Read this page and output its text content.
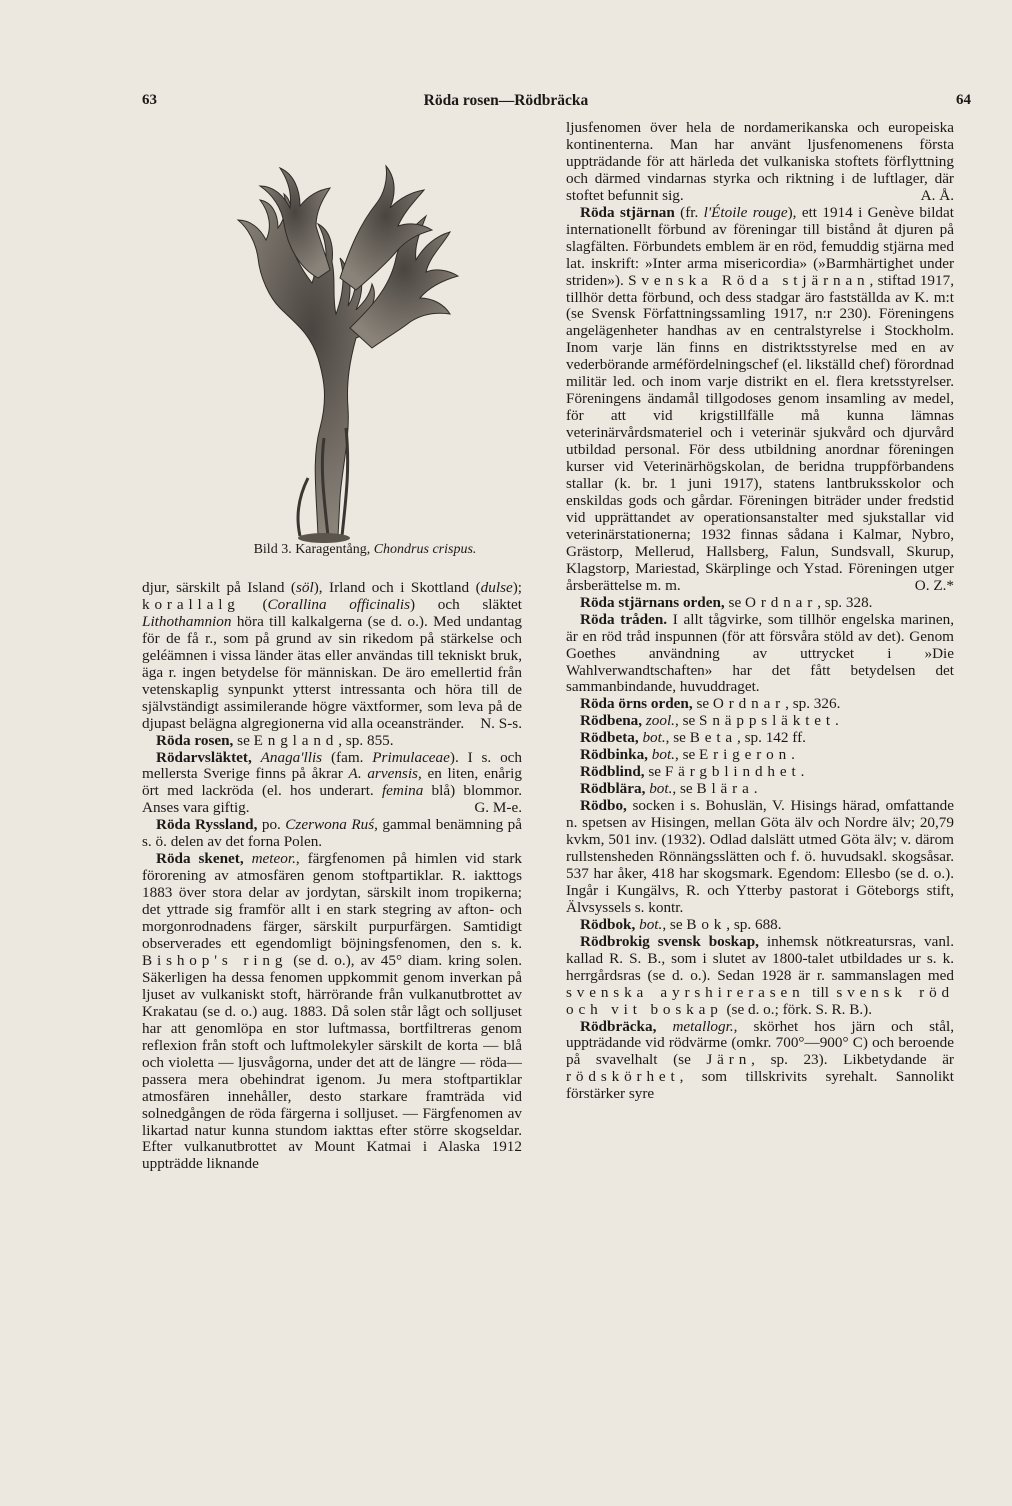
63	Röda rosen—Rödbräcka	64
Bild 3. Karagentång, Chondrus crispus.

djur, särskilt på Island (söl), Irland och i Skottland (dulse); korallalg (Corallina officinalis) och släktet Lithothamnion höra till kalkalgerna (se d. o.). Med undantag för de få r., som på grund av sin rikedom på stärkelse och geléämnen i vissa länder ätas eller användas till tekniskt bruk, äga r. ingen betydelse för människan. De äro emellertid från vetenskaplig synpunkt ytterst intressanta och höra till de självständigt assimilerande högre växtformer, som leva på de djupast belägna algregionerna vid alla oceanstränder. N. S-s.

Röda rosen, se England, sp. 855.

Rödarvsläktet, Anaga'llis (fam. Primulaceae). I s. och mellersta Sverige finns på åkrar A. arvensis, en liten, enårig ört med lackröda (el. hos underart. femina blå) blommor. Anses vara giftig.	G. M-e.

Röda Ryssland, po. Czerwona Ruś, gammal benämning på s. ö. delen av det forna Polen.

Röda skenet, meteor., färgfenomen på himlen vid stark förorening av atmosfären genom stoftpartiklar. R. iakttogs 1883 över stora delar av jordytan, särskilt inom tropikerna; det yttrade sig framför allt i en stark stegring av afton- och morgonrodnadens färger, särskilt purpurfärgen. Samtidigt observerades ett egendomligt böjningsfenomen, den s. k. Bishop's ring (se d. o.), av 45° diam. kring solen. Säkerligen ha dessa fenomen uppkommit genom inverkan på ljuset av vulkaniskt stoft, härrörande från vulkanutbrottet av Krakatau (se d. o.) aug. 1883. Då solen står lågt och solljuset har att genomlöpa en stor luftmassa, bortfiltreras genom reflexion från stoft och luftmolekyler särskilt de korta — blå och violetta — ljusvågorna, under det att de längre — röda— passera mera obehindrat igenom. Ju mera stoftpartiklar atmosfären innehåller, desto starkare framträda vid solnedgången de röda färgerna i solljuset. — Färgfenomen av likartad natur kunna stundom iakttas efter större skogseldar. Efter vulkanutbrottet av Mount Katmai i Alaska 1912 uppträdde liknande

ljusfenomen över hela de nordamerikanska och europeiska kontinenterna. Man har använt ljusfenomenens första uppträdande för att härleda det vulkaniska stoftets förflyttning och därmed vindarnas styrka och riktning i de luftlager, där stoftet befunnit sig.	A. Å.

Röda stjärnan (fr. l'Étoile rouge), ett 1914 i Genève bildat internationellt förbund av föreningar till bistånd åt djuren på slagfälten. Förbundets emblem är en röd, femuddig stjärna med lat. inskrift: »Inter arma misericordia» (»Barmhärtighet under striden»). Svenska Röda stjärnan, stiftad 1917, tillhör detta förbund, och dess stadgar äro fastställda av K. m:t (se Svensk Författningssamling 1917, n:r 230). Föreningens angelägenheter handhas av en centralstyrelse i Stockholm. Inom varje län finns en distriktsstyrelse med en av vederbörande arméfördelningschef (el. likställd chef) förordnad militär led. och inom varje distrikt en el. flera kretsstyrelser. Föreningens ändamål tillgodoses genom insamling av medel, för att vid krigstillfälle må kunna lämnas veterinärvårdsmateriel och i veterinär sjukvård och djurvård utbildad personal. För dess utbildning anordnar föreningen kurser vid Veterinärhögskolan, de beridna truppförbandens stallar (k. br. 1 juni 1917), statens lantbruksskolor och enskildas gods och gårdar. Föreningen biträder under fredstid vid upprättandet av operationsanstalter med sjukstallar vid veterinärstationerna; 1932 finnas sådana i Kalmar, Nybro, Grästorp, Mellerud, Hallsberg, Falun, Sundsvall, Skurup, Klagstorp, Mariestad, Skärplinge och Ystad. Föreningen utger årsberättelse m. m.	O. Z.*

Röda stjärnans orden, se Ordnar, sp. 328.

Röda tråden. I allt tågvirke, som tillhör engelska marinen, är en röd tråd inspunnen (för att försvåra stöld av det). Genom Goethes användning av uttrycket i »Die Wahlverwandtschaften» har det fått betydelsen det sammanbindande, huvuddraget.

Röda örns orden, se Ordnar, sp. 326.

Rödbena, zool., se Snäppsläktet.

Rödbeta, bot., se Beta, sp. 142 ff.

Rödbinka, bot., se Erigeron.

Rödblind, se Färgblindhet.

Rödblära, bot., se Blära.

Rödbo, socken i s. Bohuslän, V. Hisings härad, omfattande n. spetsen av Hisingen, mellan Göta älv och Nordre älv; 20,79 kvkm, 501 inv. (1932). Odlad dalslätt utmed Göta älv; v. därom rullstensheden Rönnängsslätten och f. ö. huvudsakl. skogsåsar. 537 har åker, 418 har skogsmark. Egendom: Ellesbo (se d. o.). Ingår i Kungälvs, R. och Ytterby pastorat i Göteborgs stift, Älvsyssels s. kontr.

Rödbok, bot., se Bok, sp. 688.

Rödbrokig svensk boskap, inhemsk nötkreatursras, vanl. kallad R. S. B., som i slutet av 1800-talet utbildades ur s. k. herrgårdsras (se d. o.). Sedan 1928 är r. sammanslagen med svenska ayrshirerasen till svensk röd och vit boskap (se d. o.; förk. S. R. B.).

Rödbräcka, metallogr., skörhet hos järn och stål, uppträdande vid rödvärme (omkr. 700°—900° C) och beroende på svavelhalt (se Järn, sp. 23). Likbetydande är rödskörhet, som tillskrivits syrehalt. Sannolikt förstärker syre
